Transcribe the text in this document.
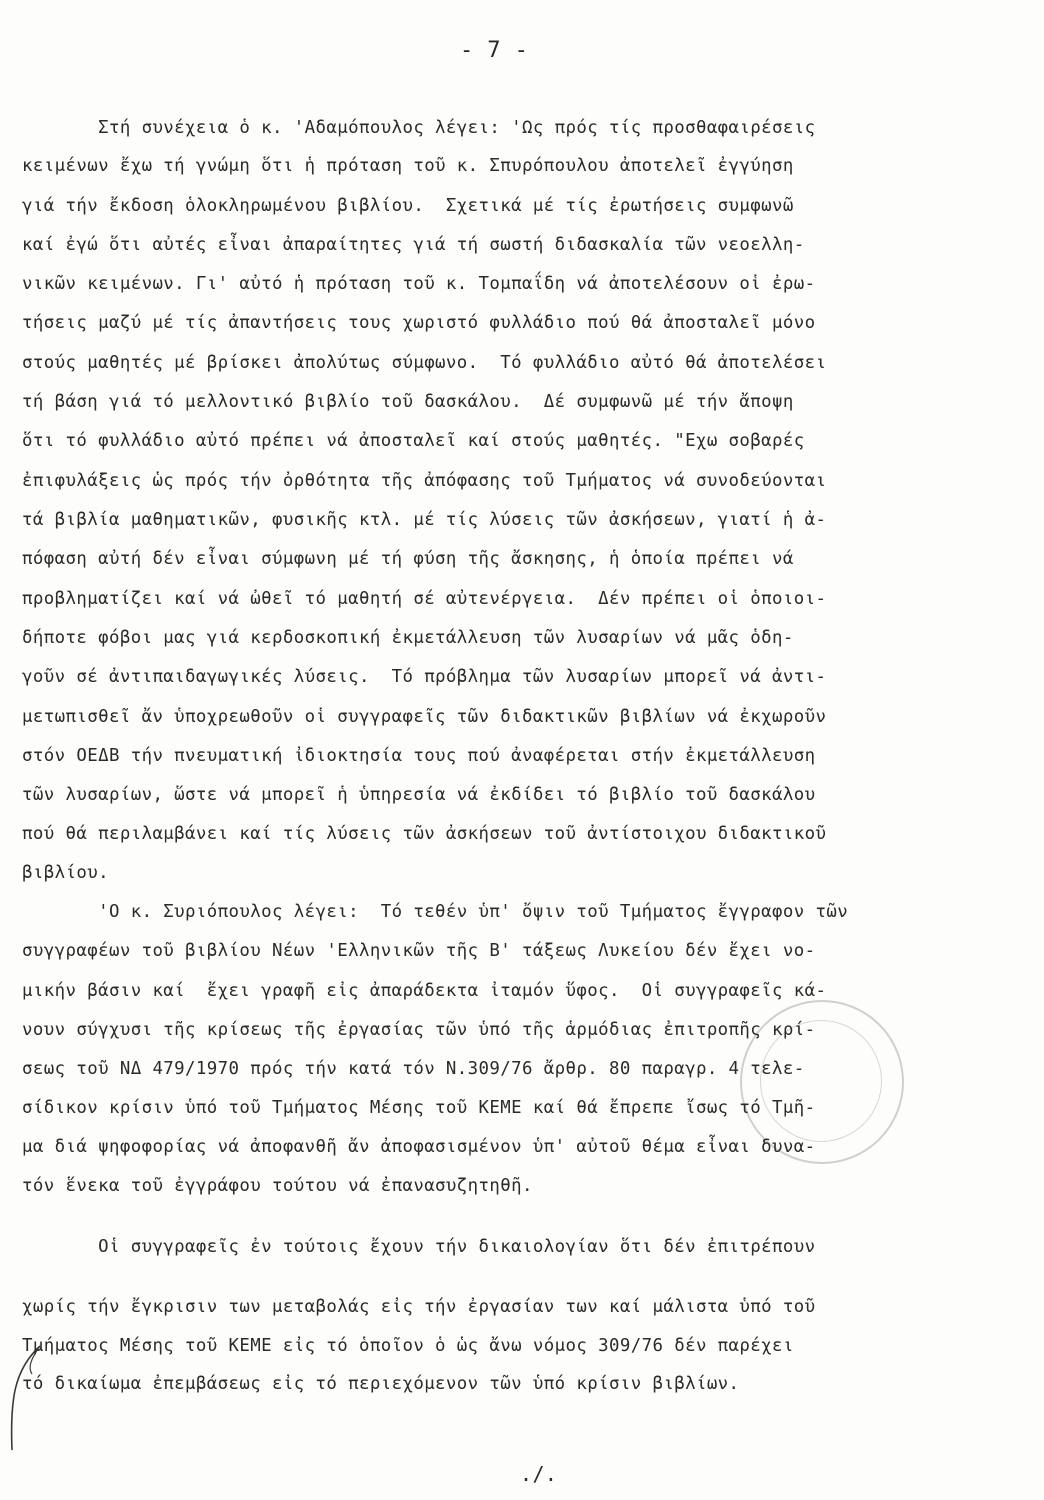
- 7 -
Στή συνέχεια ὁ κ. 'Αδαμόπουλος λέγει: 'Ως πρός τίς προσθαφαιρέσεις
κειμένων ἔχω τή γνώμη ὅτι ἡ πρόταση τοῦ κ. Σπυρόπουλου ἀποτελεῖ ἐγγύηση
γιά τήν ἔκδοση ὁλοκληρωμένου βιβλίου.  Σχετικά μέ τίς ἐρωτήσεις συμφωνῶ
καί ἐγώ ὅτι αὐτές εἶναι ἀπαραίτητες γιά τή σωστή διδασκαλία τῶν νεοελλη-
νικῶν κειμένων. Γι' αὐτό ἡ πρόταση τοῦ κ. Τομπαΐδη νά ἀποτελέσουν οἱ ἐρω-
τήσεις μαζύ μέ τίς ἀπαντήσεις τους χωριστό φυλλάδιο πού θά ἀποσταλεῖ μόνο
στούς μαθητές μέ βρίσκει ἀπολύτως σύμφωνο.  Τό φυλλάδιο αὐτό θά ἀποτελέσει
τή βάση γιά τό μελλοντικό βιβλίο τοῦ δασκάλου.  Δέ συμφωνῶ μέ τήν ἄποψη
ὅτι τό φυλλάδιο αὐτό πρέπει νά ἀποσταλεῖ καί στούς μαθητές. "Εχω σοβαρές
ἐπιφυλάξεις ὡς πρός τήν ὀρθότητα τῆς ἀπόφασης τοῦ Τμήματος νά συνοδεύονται
τά βιβλία μαθηματικῶν, φυσικῆς κτλ. μέ τίς λύσεις τῶν ἀσκήσεων, γιατί ἡ ἀ-
πόφαση αὐτή δέν εἶναι σύμφωνη μέ τή φύση τῆς ἄσκησης, ἡ ὁποία πρέπει νά
προβληματίζει καί νά ὠθεῖ τό μαθητή σέ αὐτενέργεια.  Δέν πρέπει οἱ ὁποιοι-
δήποτε φόβοι μας γιά κερδοσκοπική ἐκμετάλλευση τῶν λυσαρίων νά μᾶς ὁδη-
γοῦν σέ ἀντιπαιδαγωγικές λύσεις.  Τό πρόβλημα τῶν λυσαρίων μπορεῖ νά ἀντι-
μετωπισθεῖ ἄν ὑποχρεωθοῦν οἱ συγγραφεῖς τῶν διδακτικῶν βιβλίων νά ἐκχωροῦν
στόν ΟΕΔΒ τήν πνευματική ἰδιοκτησία τους πού ἀναφέρεται στήν ἐκμετάλλευση
τῶν λυσαρίων, ὥστε νά μπορεῖ ἡ ὑπηρεσία νά ἐκδίδει τό βιβλίο τοῦ δασκάλου
πού θά περιλαμβάνει καί τίς λύσεις τῶν ἀσκήσεων τοῦ ἀντίστοιχου διδακτικοῦ
βιβλίου.
'Ο κ. Συριόπουλος λέγει:  Τό τεθέν ὑπ' ὄψιν τοῦ Τμήματος ἔγγραφον τῶν
συγγραφέων τοῦ βιβλίου Νέων 'Ελληνικῶν τῆς Β' τάξεως Λυκείου δέν ἔχει νο-
μικήν βάσιν καί  ἔχει γραφῆ εἰς ἀπαράδεκτα ἰταμόν ὕφος.  Οἱ συγγραφεῖς κά-
νουν σύγχυσι τῆς κρίσεως τῆς ἐργασίας τῶν ὑπό τῆς ἁρμόδιας ἐπιτροπῆς κρί-
σεως τοῦ ΝΔ 479/1970 πρός τήν κατά τόν Ν.309/76 ἄρθρ. 80 παραγρ. 4 τελε-
σίδικον κρίσιν ὑπό τοῦ Τμήματος Μέσης τοῦ ΚΕΜΕ καί θά ἔπρεπε ἴσως τό Τμῆ-
μα διά ψηφοφορίας νά ἀποφανθῆ ἄν ἀποφασισμένον ὑπ' αὐτοῦ θέμα εἶναι δυνα-
τόν ἕνεκα τοῦ ἐγγράφου τούτου νά ἐπανασυζητηθῆ.
Οἱ συγγραφεῖς ἐν τούτοις ἔχουν τήν δικαιολογίαν ὅτι δέν ἐπιτρέπουν
χωρίς τήν ἔγκρισιν των μεταβολάς εἰς τήν ἐργασίαν των καί μάλιστα ὑπό τοῦ
Τμήματος Μέσης τοῦ ΚΕΜΕ εἰς τό ὁποῖον ὁ ὡς ἄνω νόμος 309/76 δέν παρέχει
τό δικαίωμα ἐπεμβάσεως εἰς τό περιεχόμενον τῶν ὑπό κρίσιν βιβλίων.
./.
